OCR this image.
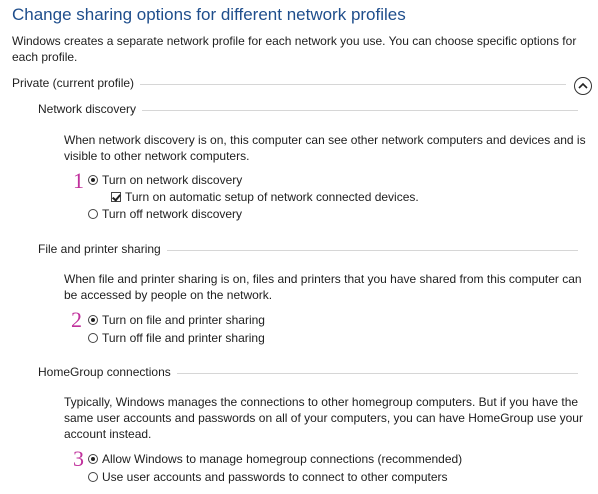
Change sharing options for different network profiles
Windows creates a separate network profile for each network you use. You can choose specific options for each profile.
Private (current profile)
Network discovery
When network discovery is on, this computer can see other network computers and devices and is visible to other network computers.
1 Turn on network discovery
Turn on automatic setup of network connected devices.
Turn off network discovery
File and printer sharing
When file and printer sharing is on, files and printers that you have shared from this computer can be accessed by people on the network.
2 Turn on file and printer sharing
Turn off file and printer sharing
HomeGroup connections
Typically, Windows manages the connections to other homegroup computers. But if you have the same user accounts and passwords on all of your computers, you can have HomeGroup use your account instead.
3 Allow Windows to manage homegroup connections (recommended)
Use user accounts and passwords to connect to other computers
